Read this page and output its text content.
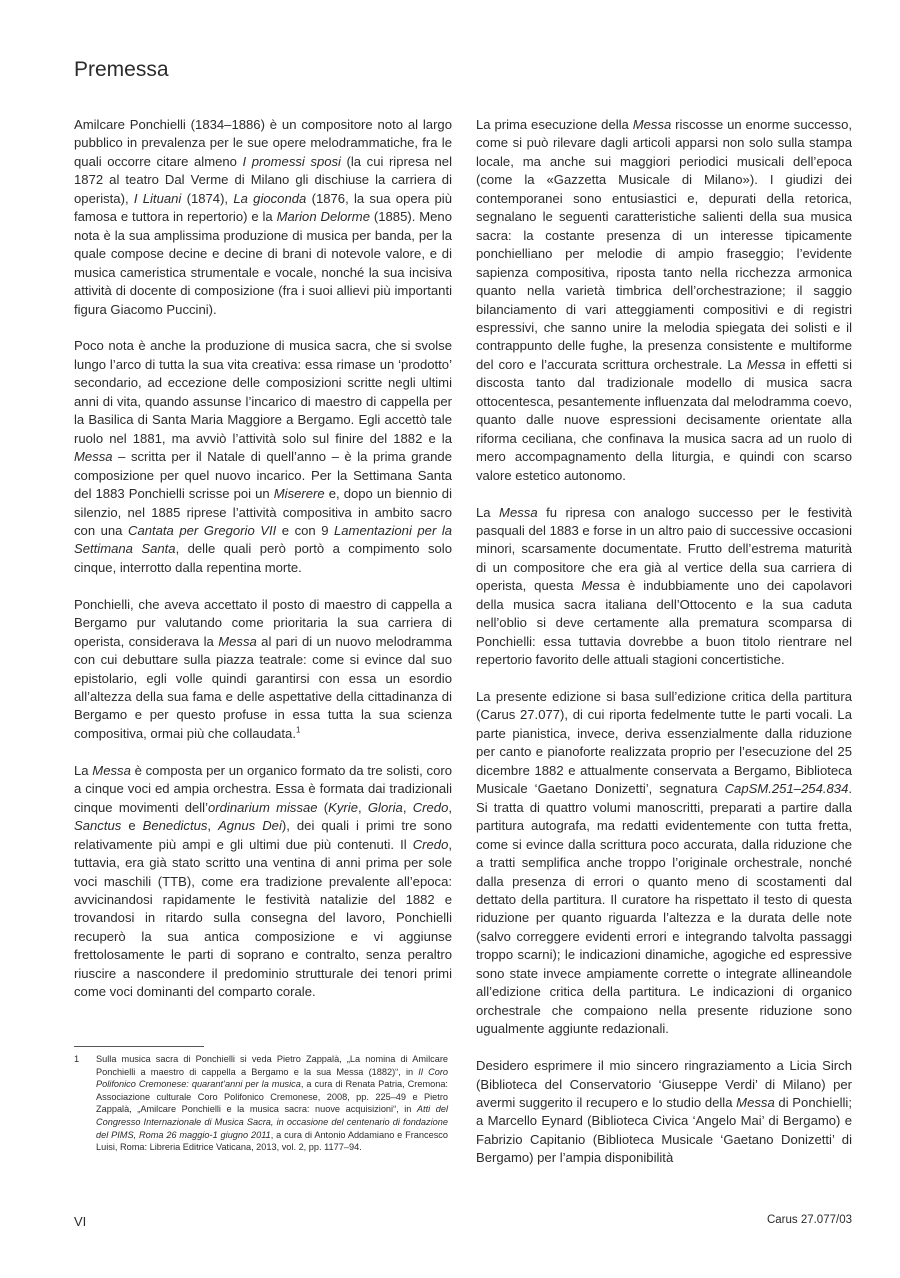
Premessa

Amilcare Ponchielli (1834–1886) è un compositore noto al largo pubblico in prevalenza per le sue opere melodrammatiche, fra le quali occorre citare almeno I promessi sposi (la cui ripresa nel 1872 al teatro Dal Verme di Milano gli dischiuse la carriera di operista), I Lituani (1874), La gioconda (1876, la sua opera più famosa e tuttora in repertorio) e la Marion Delorme (1885). Meno nota è la sua amplissima produzione di musica per banda, per la quale compose decine e decine di brani di notevole valore, e di musica cameristica strumentale e vocale, nonché la sua incisiva attività di docente di composizione (fra i suoi allievi più importanti figura Giacomo Puccini).

Poco nota è anche la produzione di musica sacra, che si svolse lungo l’arco di tutta la sua vita creativa: essa rimase un ‘prodotto’ secondario, ad eccezione delle composizioni scritte negli ultimi anni di vita, quando assunse l’incarico di maestro di cappella per la Basilica di Santa Maria Maggiore a Bergamo. Egli accettò tale ruolo nel 1881, ma avviò l’attività solo sul finire del 1882 e la Messa – scritta per il Natale di quell’anno – è la prima grande composizione per quel nuovo incarico. Per la Settimana Santa del 1883 Ponchielli scrisse poi un Miserere e, dopo un biennio di silenzio, nel 1885 riprese l’attività compositiva in ambito sacro con una Cantata per Gregorio VII e con 9 Lamentazioni per la Settimana Santa, delle quali però portò a compimento solo cinque, interrotto dalla repentina morte.

Ponchielli, che aveva accettato il posto di maestro di cappella a Bergamo pur valutando come prioritaria la sua carriera di operista, considerava la Messa al pari di un nuovo melodramma con cui debuttare sulla piazza teatrale: come si evince dal suo epistolario, egli volle quindi garantirsi con essa un esordio all’altezza della sua fama e delle aspettative della cittadinanza di Bergamo e per questo profuse in essa tutta la sua scienza compositiva, ormai più che collaudata.$^1$

La Messa è composta per un organico formato da tre solisti, coro a cinque voci ed ampia orchestra. Essa è formata dai tradizionali cinque movimenti dell’ordinarium missae (Kyrie, Gloria, Credo, Sanctus e Benedictus, Agnus Dei), dei quali i primi tre sono relativamente più ampi e gli ultimi due più contenuti. Il Credo, tuttavia, era già stato scritto una ventina di anni prima per sole voci maschili (TTB), come era tradizione prevalente all’epoca: avvicinandosi rapidamente le festività natalizie del 1882 e trovandosi in ritardo sulla consegna del lavoro, Ponchielli recuperò la sua antica composizione e vi aggiunse frettolosamente le parti di soprano e contralto, senza peraltro riuscire a nascondere il predominio strutturale dei tenori primi come voci dominanti del comparto corale.

1	Sulla musica sacra di Ponchielli si veda Pietro Zappalà, „La nomina di Amilcare Ponchielli a maestro di cappella a Bergamo e la sua Messa (1882)“, in Il Coro Polifonico Cremonese: quarant’anni per la musica, a cura di Renata Patria, Cremona: Associazione culturale Coro Polifonico Cremonese, 2008, pp. 225–49 e Pietro Zappalà, „Amilcare Ponchielli e la musica sacra: nuove acquisizioni“, in Atti del Congresso Internazionale di Musica Sacra, in occasione del centenario di fondazione del PIMS, Roma 26 maggio-1 giugno 2011, a cura di Antonio Addamiano e Francesco Luisi, Roma: Libreria Editrice Vaticana, 2013, vol. 2, pp. 1177–94.

La prima esecuzione della Messa riscosse un enorme successo, come si può rilevare dagli articoli apparsi non solo sulla stampa locale, ma anche sui maggiori periodici musicali dell’epoca (come la «Gazzetta Musicale di Milano»). I giudizi dei contemporanei sono entusiastici e, depurati della retorica, segnalano le seguenti caratteristiche salienti della sua musica sacra: la costante presenza di un interesse tipicamente ponchielliano per melodie di ampio fraseggio; l’evidente sapienza compositiva, riposta tanto nella ricchezza armonica quanto nella varietà timbrica dell’orchestrazione; il saggio bilanciamento di vari atteggiamenti compositivi e di registri espressivi, che sanno unire la melodia spiegata dei solisti e il contrappunto delle fughe, la presenza consistente e multiforme del coro e l’accurata scrittura orchestrale. La Messa in effetti si discosta tanto dal tradizionale modello di musica sacra ottocentesca, pesantemente influenzata dal melodramma coevo, quanto dalle nuove espressioni decisamente orientate alla riforma ceciliana, che confinava la musica sacra ad un ruolo di mero accompagnamento della liturgia, e quindi con scarso valore estetico autonomo.

La Messa fu ripresa con analogo successo per le festività pasquali del 1883 e forse in un altro paio di successive occasioni minori, scarsamente documentate. Frutto dell’estrema maturità di un compositore che era già al vertice della sua carriera di operista, questa Messa è indubbiamente uno dei capolavori della musica sacra italiana dell’Ottocento e la sua caduta nell’oblio si deve certamente alla prematura scomparsa di Ponchielli: essa tuttavia dovrebbe a buon titolo rientrare nel repertorio favorito delle attuali stagioni concertistiche.

La presente edizione si basa sull’edizione critica della partitura (Carus 27.077), di cui riporta fedelmente tutte le parti vocali. La parte pianistica, invece, deriva essenzialmente dalla riduzione per canto e pianoforte realizzata proprio per l’esecuzione del 25 dicembre 1882 e attualmente conservata a Bergamo, Biblioteca Musicale ‘Gaetano Donizetti’, segnatura CapSM.251–254.834. Si tratta di quattro volumi manoscritti, preparati a partire dalla partitura autografa, ma redatti evidentemente con tutta fretta, come si evince dalla scrittura poco accurata, dalla riduzione che a tratti semplifica anche troppo l’originale orchestrale, nonché dalla presenza di errori o quanto meno di scostamenti dal dettato della partitura. Il curatore ha rispettato il testo di questa riduzione per quanto riguarda l’altezza e la durata delle note (salvo correggere evidenti errori e integrando talvolta passaggi troppo scarni); le indicazioni dinamiche, agogiche ed espressive sono state invece ampiamente corrette o integrate allineandole all’edizione critica della partitura. Le indicazioni di organico orchestrale che compaiono nella presente riduzione sono ugualmente aggiunte redazionali.

Desidero esprimere il mio sincero ringraziamento a Licia Sirch (Biblioteca del Conservatorio ‘Giuseppe Verdi’ di Milano) per avermi suggerito il recupero e lo studio della Messa di Ponchielli; a Marcello Eynard (Biblioteca Civica ‘Angelo Mai’ di Bergamo) e Fabrizio Capitanio (Biblioteca Musicale ‘Gaetano Donizetti’ di Bergamo) per l’ampia disponibilità

VI	Carus 27.077/03
